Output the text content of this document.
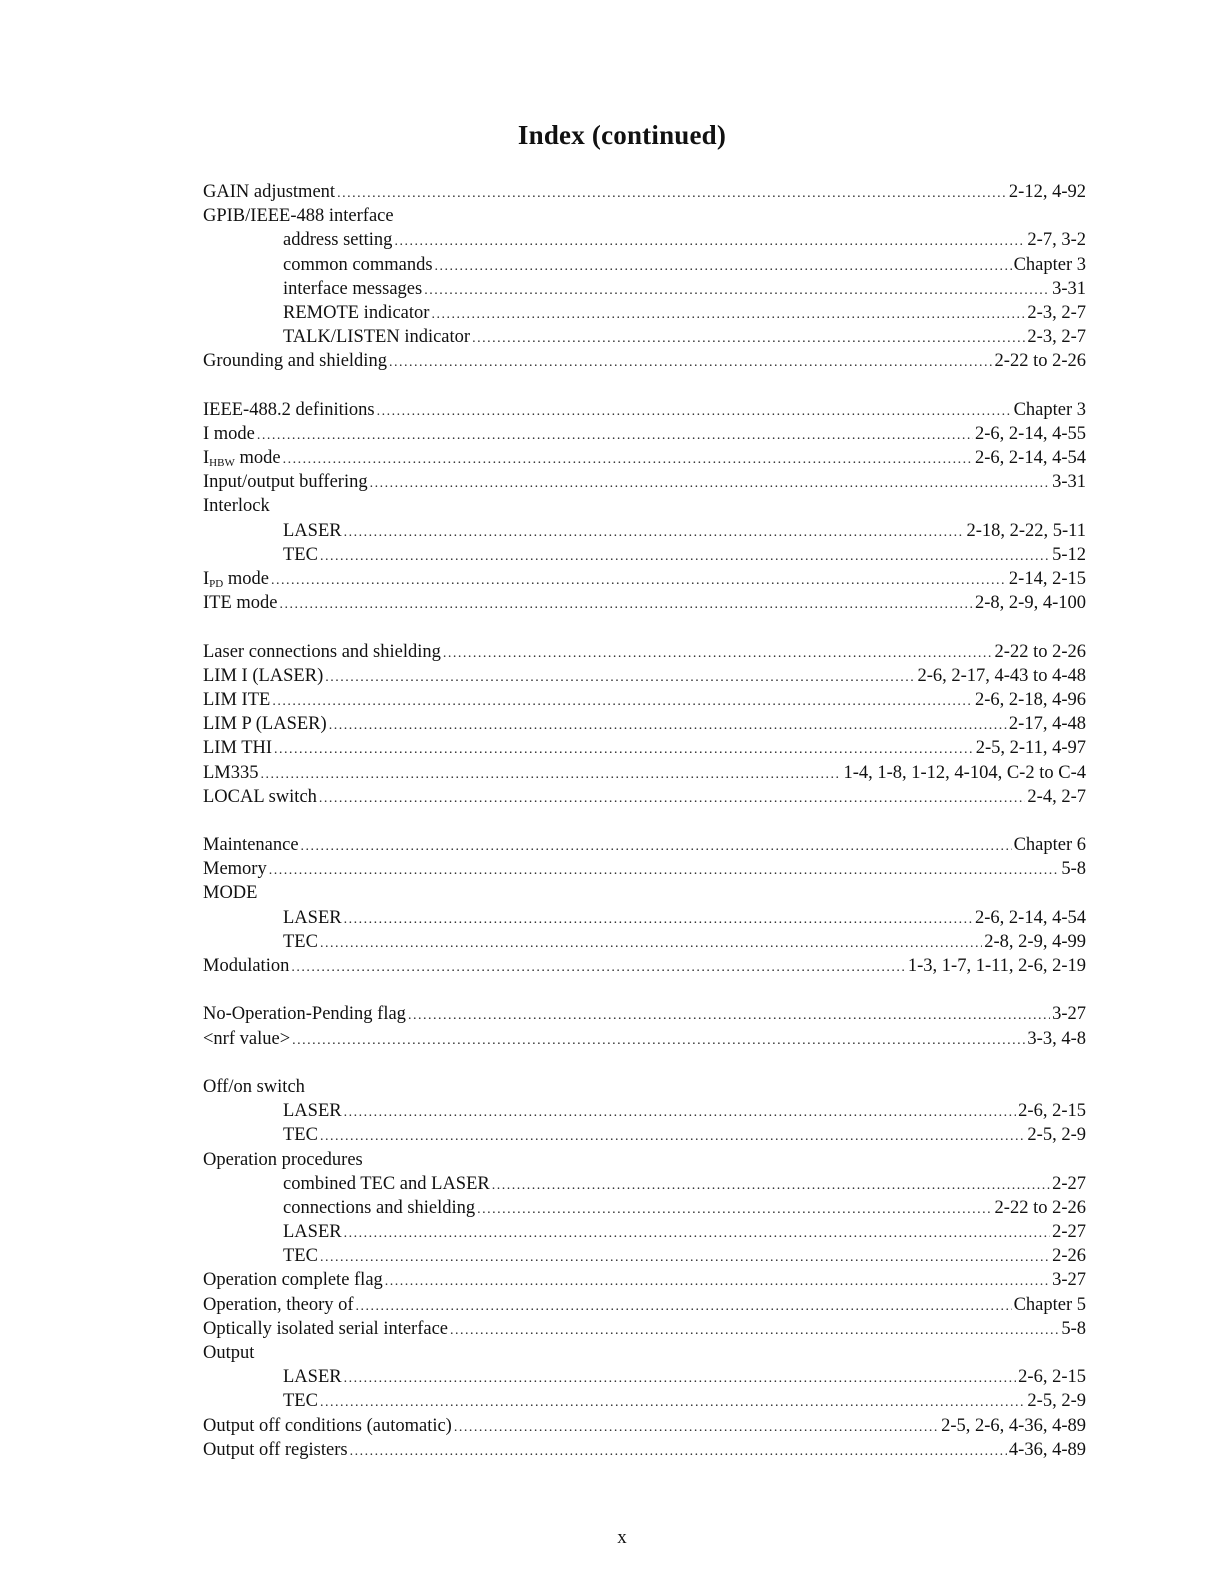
Index (continued)
GAIN adjustment .....	2-12, 4-92
GPIB/IEEE-488 interface
address setting .....	2-7, 3-2
common commands .....	Chapter 3
interface messages .....	3-31
REMOTE indicator .....	2-3, 2-7
TALK/LISTEN indicator .....	2-3, 2-7
Grounding and shielding .....	2-22 to 2-26
IEEE-488.2 definitions .....	Chapter 3
I mode .....	2-6, 2-14, 4-55
$I_{HBW}$ mode .....	2-6, 2-14, 4-54
Input/output buffering .....	3-31
Interlock
LASER .....	2-18, 2-22, 5-11
TEC .....	5-12
$I_{PD}$ mode .....	2-14, 2-15
ITE mode .....	2-8, 2-9, 4-100
Laser connections and shielding .....	2-22 to 2-26
LIM I (LASER) .....	2-6, 2-17, 4-43 to 4-48
LIM ITE .....	2-6, 2-18, 4-96
LIM P (LASER) .....	2-17, 4-48
LIM THI .....	2-5, 2-11, 4-97
LM335 .....	1-4, 1-8, 1-12, 4-104, C-2 to C-4
LOCAL switch .....	2-4, 2-7
Maintenance .....	Chapter 6
Memory .....	5-8
MODE
LASER .....	2-6, 2-14, 4-54
TEC .....	2-8, 2-9, 4-99
Modulation .....	1-3, 1-7, 1-11, 2-6, 2-19
No-Operation-Pending flag .....	3-27
<nrf value> .....	3-3, 4-8
Off/on switch
LASER .....	2-6, 2-15
TEC .....	2-5, 2-9
Operation procedures
combined TEC and LASER .....	2-27
connections and shielding .....	2-22 to 2-26
LASER .....	2-27
TEC .....	2-26
Operation complete flag .....	3-27
Operation, theory of .....	Chapter 5
Optically isolated serial interface .....	5-8
Output
LASER .....	2-6, 2-15
TEC .....	2-5, 2-9
Output off conditions (automatic) .....	2-5, 2-6, 4-36, 4-89
Output off registers .....	4-36, 4-89
x
